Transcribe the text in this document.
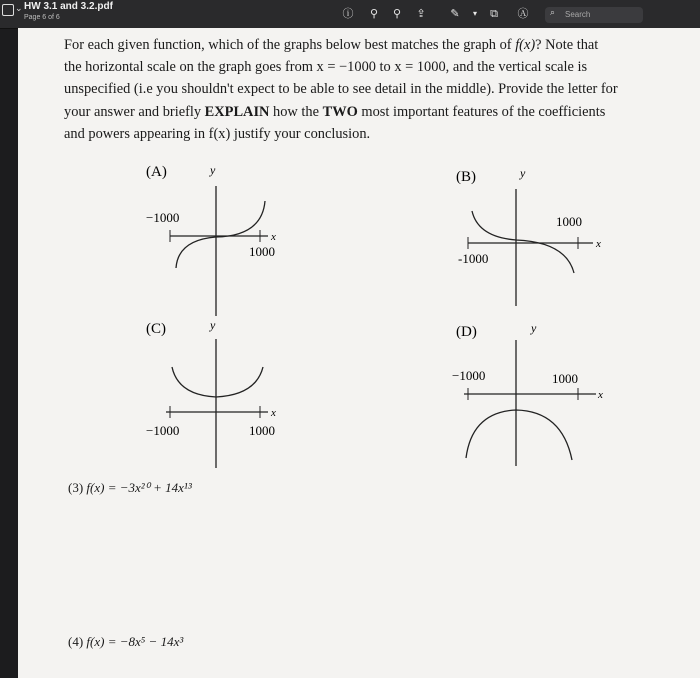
⌄ HW 3.1 and 3.2.pdf
Page 6 of 6	ⓘ ⚲ ⚲ ⇪ ✎	▾	⧉ Ⓐ ⌕ Search
For each given function, which of the graphs below best matches the graph of f(x)? Note that
the horizontal scale on the graph goes from x = −1000 to x = 1000, and the vertical scale is
unspecified (i.e you shouldn't expect to be able to see detail in the middle). Provide the letter for
your answer and briefly EXPLAIN how the TWO most important features of the coefficients
and powers appearing in f(x) justify your conclusion.
(A)	y
−1000
1000
x
(B)	y
1000
-1000
x
(C)	y
−1000	1000
x
(D)	y
−1000	1000
x
(3) f(x) = −3x²⁰ + 14x¹³
(4) f(x) = −8x⁵ − 14x³
